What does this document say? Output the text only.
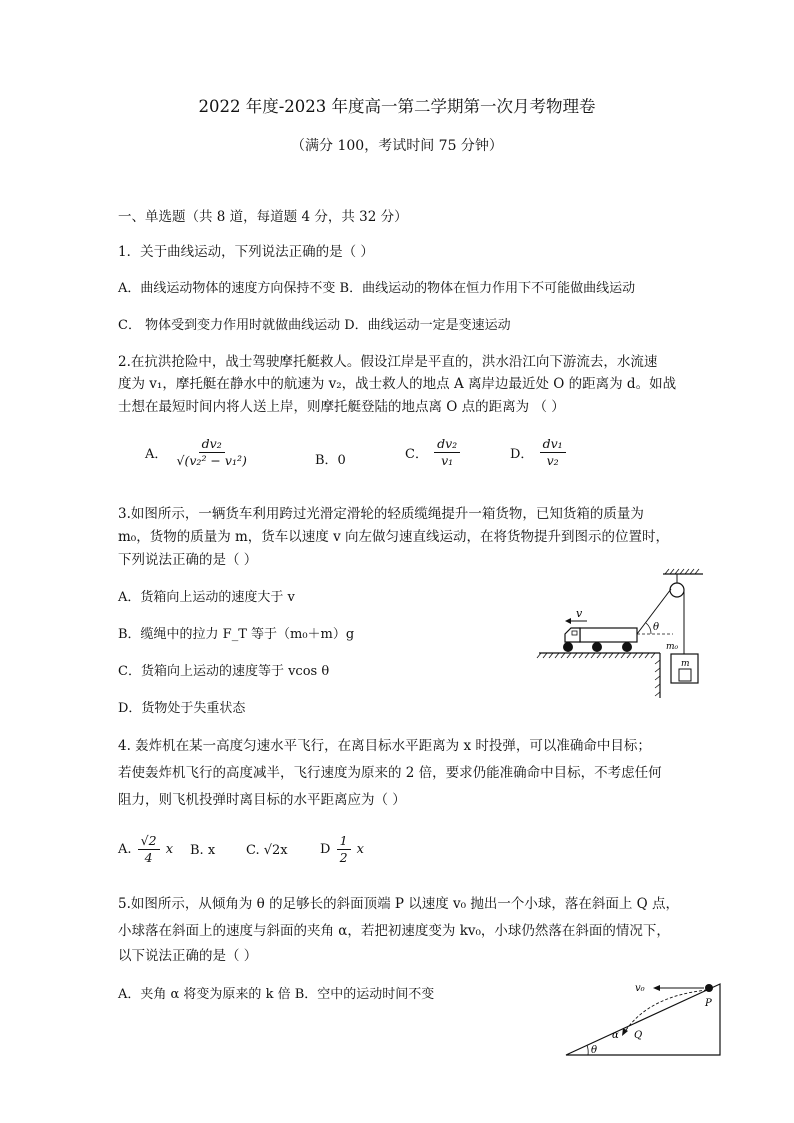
2022 年度-2023 年度高一第二学期第一次月考物理卷
（满分 100，考试时间 75 分钟）
一、单选题（共 8 道，每道题 4 分，共 32 分）
1．关于曲线运动，下列说法正确的是（ ）
A．曲线运动物体的速度方向保持不变 B．曲线运动的物体在恒力作用下不可能做曲线运动
C． 物体受到变力作用时就做曲线运动 D．曲线运动一定是变速运动
2.在抗洪抢险中，战士驾驶摩托艇救人。假设江岸是平直的，洪水沿江向下游流去，水流速
度为 v₁，摩托艇在静水中的航速为 v₂，战士救人的地点 A 离岸边最近处 O 的距离为 d。如战
士想在最短时间内将人送上岸，则摩托艇登陆的地点离 O 点的距离为 （ ）
A． $\frac{\text{dv₂}}{\text{√(v₂² − v₁²)}}$	B．0	C． $\frac{\text{dv₂}}{\text{v₁}}$	D． $\frac{\text{dv₁}}{\text{v₂}}$
3.如图所示，一辆货车利用跨过光滑定滑轮的轻质缆绳提升一箱货物，已知货箱的质量为
m₀，货物的质量为 m，货车以速度 v 向左做匀速直线运动，在将货物提升到图示的位置时，
下列说法正确的是（ ）
A．货箱向上运动的速度大于 v
B．缆绳中的拉力 F_T 等于（m₀＋m）g
C．货箱向上运动的速度等于 vcos θ
D．货物处于失重状态
v
θ
m₀
m
4. 轰炸机在某一高度匀速水平飞行，在离目标水平距离为 x 时投弹，可以准确命中目标；
若使轰炸机飞行的高度减半，飞行速度为原来的 2 倍，要求仍能准确命中目标，不考虑任何
阻力，则飞机投弹时离目标的水平距离应为（ ）
A. $\frac{√2}{4}$ x B. x C. √2x D $\frac{1}{2}$ x
5.如图所示，从倾角为 θ 的足够长的斜面顶端 P 以速度 v₀ 抛出一个小球，落在斜面上 Q 点，
小球落在斜面上的速度与斜面的夹角 α，若把初速度变为 kv₀，小球仍然落在斜面的情况下，
以下说法正确的是（ ）
A．夹角 α 将变为原来的 k 倍 B．空中的运动时间不变	v₀
P
Q
α
θ
